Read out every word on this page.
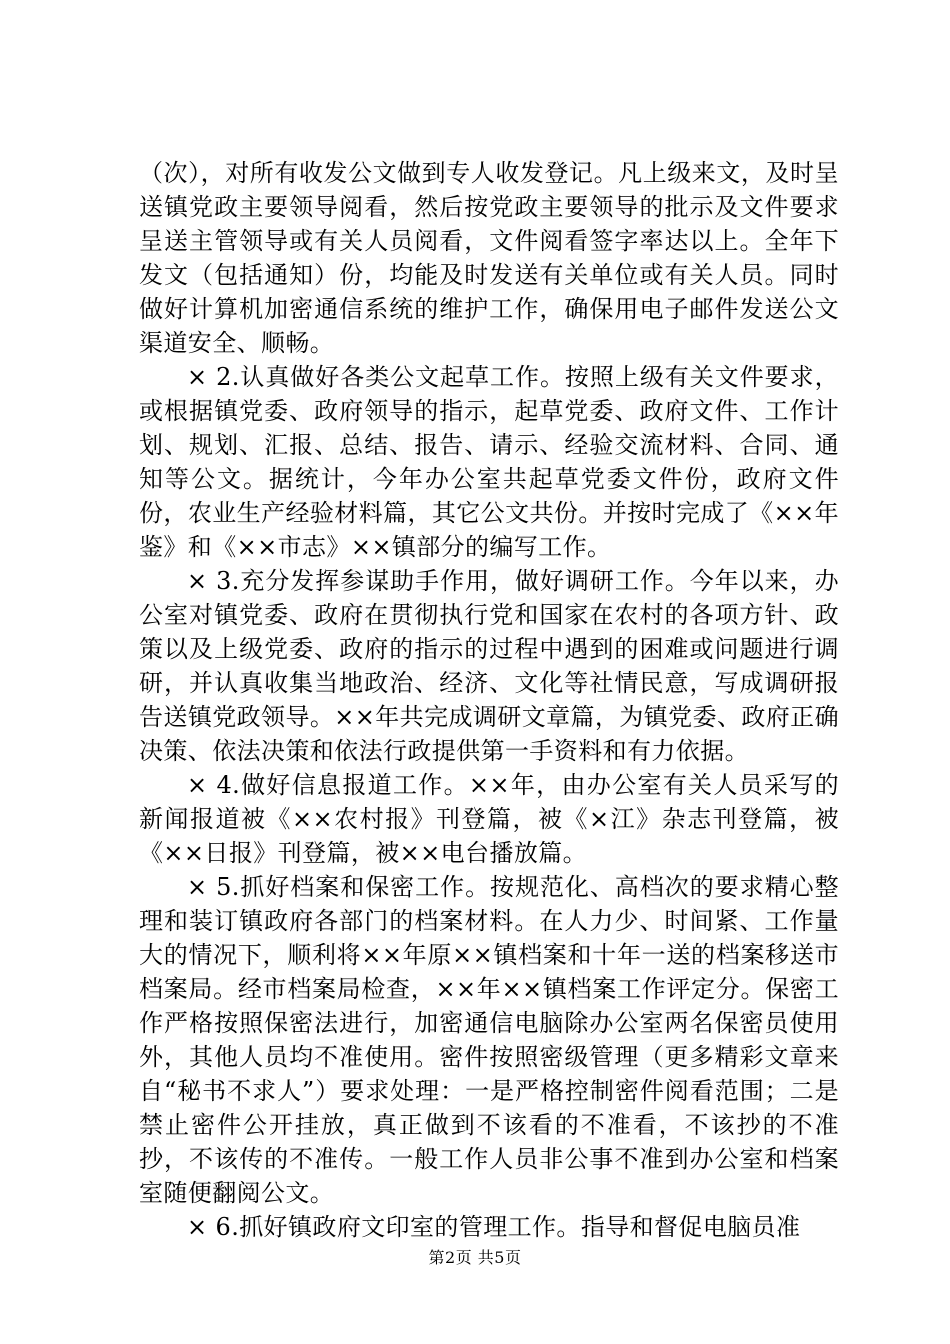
（次），对所有收发公文做到专人收发登记。凡上级来文，及时呈送镇党政主要领导阅看，然后按党政主要领导的批示及文件要求呈送主管领导或有关人员阅看，文件阅看签字率达以上。全年下发文（包括通知）份，均能及时发送有关单位或有关人员。同时做好计算机加密通信系统的维护工作，确保用电子邮件发送公文渠道安全、顺畅。

× 2.认真做好各类公文起草工作。按照上级有关文件要求，或根据镇党委、政府领导的指示，起草党委、政府文件、工作计划、规划、汇报、总结、报告、请示、经验交流材料、合同、通知等公文。据统计，今年办公室共起草党委文件份，政府文件份，农业生产经验材料篇，其它公文共份。并按时完成了《××年鉴》和《××市志》××镇部分的编写工作。

× 3.充分发挥参谋助手作用，做好调研工作。今年以来，办公室对镇党委、政府在贯彻执行党和国家在农村的各项方针、政策以及上级党委、政府的指示的过程中遇到的困难或问题进行调研，并认真收集当地政治、经济、文化等社情民意，写成调研报告送镇党政领导。××年共完成调研文章篇，为镇党委、政府正确决策、依法决策和依法行政提供第一手资料和有力依据。

× 4.做好信息报道工作。××年，由办公室有关人员采写的新闻报道被《××农村报》刊登篇，被《×江》杂志刊登篇，被《××日报》刊登篇，被××电台播放篇。

× 5.抓好档案和保密工作。按规范化、高档次的要求精心整理和装订镇政府各部门的档案材料。在人力少、时间紧、工作量大的情况下，顺利将××年原××镇档案和十年一送的档案移送市档案局。经市档案局检查，××年××镇档案工作评定分。保密工作严格按照保密法进行，加密通信电脑除办公室两名保密员使用外，其他人员均不准使用。密件按照密级管理（更多精彩文章来自“秘书不求人”）要求处理：一是严格控制密件阅看范围；二是禁止密件公开挂放，真正做到不该看的不准看，不该抄的不准抄，不该传的不准传。一般工作人员非公事不准到办公室和档案室随便翻阅公文。

× 6.抓好镇政府文印室的管理工作。指导和督促电脑员准

第2页 共5页
